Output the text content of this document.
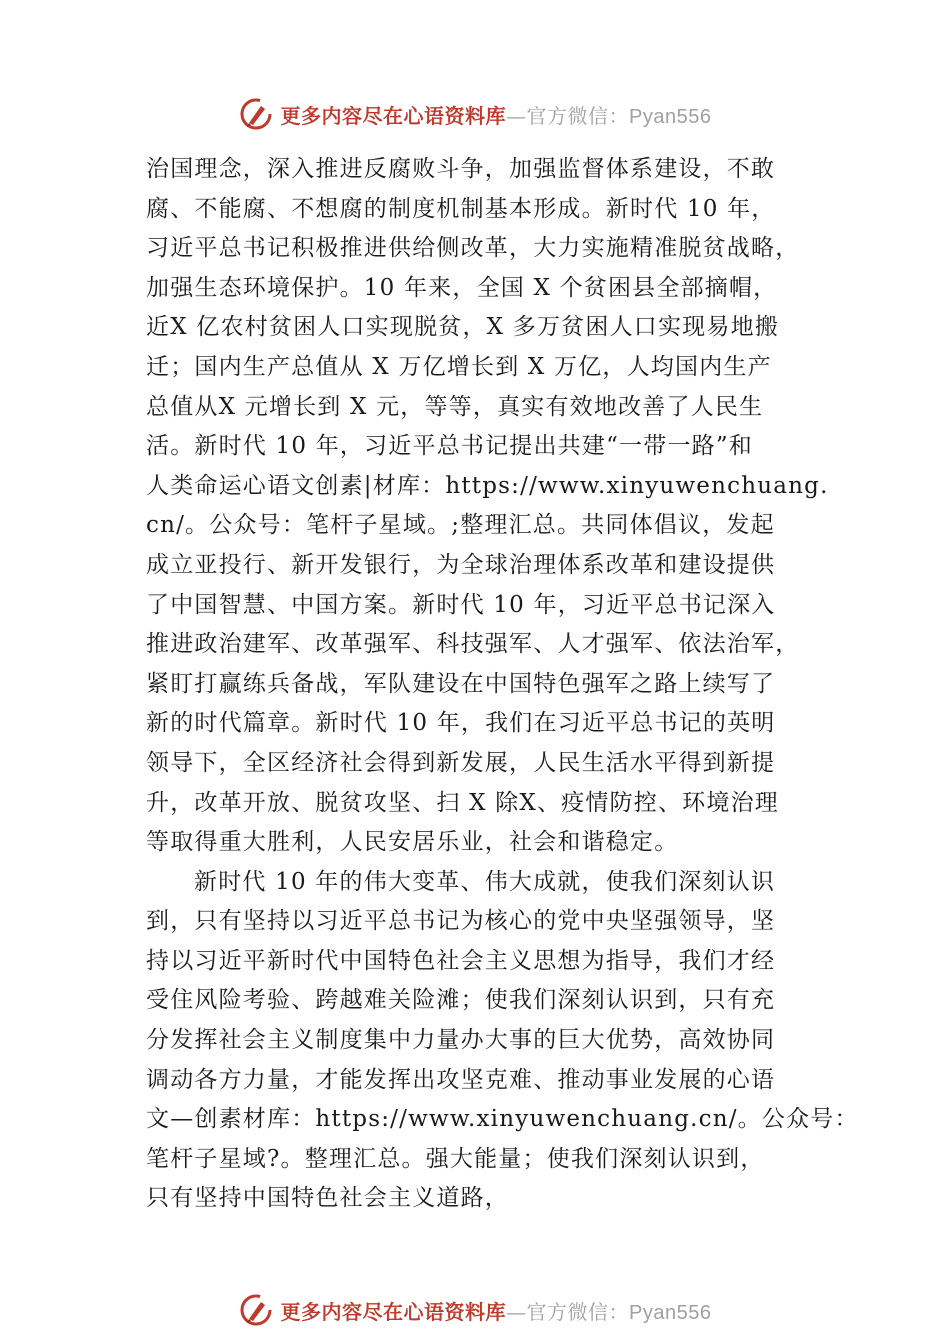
更多内容尽在心语资料库—官方微信：Pyan556
治国理念，深入推进反腐败斗争，加强监督体系建设，不敢
腐、不能腐、不想腐的制度机制基本形成。新时代 10 年，
习近平总书记积极推进供给侧改革，大力实施精准脱贫战略，
加强生态环境保护。10 年来，全国 X 个贫困县全部摘帽，
近X 亿农村贫困人口实现脱贫，X 多万贫困人口实现易地搬
迁；国内生产总值从 X 万亿增长到 X 万亿，人均国内生产
总值从X 元增长到 X 元，等等，真实有效地改善了人民生
活。新时代 10 年，习近平总书记提出共建“一带一路”和
人类命运心语文创素|材库：https://www.xinyuwenchuang.
cn/。公众号：笔杆子星域。;整理汇总。共同体倡议，发起
成立亚投行、新开发银行，为全球治理体系改革和建设提供
了中国智慧、中国方案。新时代 10 年，习近平总书记深入
推进政治建军、改革强军、科技强军、人才强军、依法治军，
紧盯打赢练兵备战，军队建设在中国特色强军之路上续写了
新的时代篇章。新时代 10 年，我们在习近平总书记的英明
领导下，全区经济社会得到新发展，人民生活水平得到新提
升，改革开放、脱贫攻坚、扫 X 除X、疫情防控、环境治理
等取得重大胜利，人民安居乐业，社会和谐稳定。
新时代 10 年的伟大变革、伟大成就，使我们深刻认识
到，只有坚持以习近平总书记为核心的党中央坚强领导，坚
持以习近平新时代中国特色社会主义思想为指导，我们才经
受住风险考验、跨越难关险滩；使我们深刻认识到，只有充
分发挥社会主义制度集中力量办大事的巨大优势，高效协同
调动各方力量，才能发挥出攻坚克难、推动事业发展的心语
文—创素材库：https://www.xinyuwenchuang.cn/。公众号：
笔杆子星域?。整理汇总。强大能量；使我们深刻认识到，
只有坚持中国特色社会主义道路，
更多内容尽在心语资料库—官方微信：Pyan556
